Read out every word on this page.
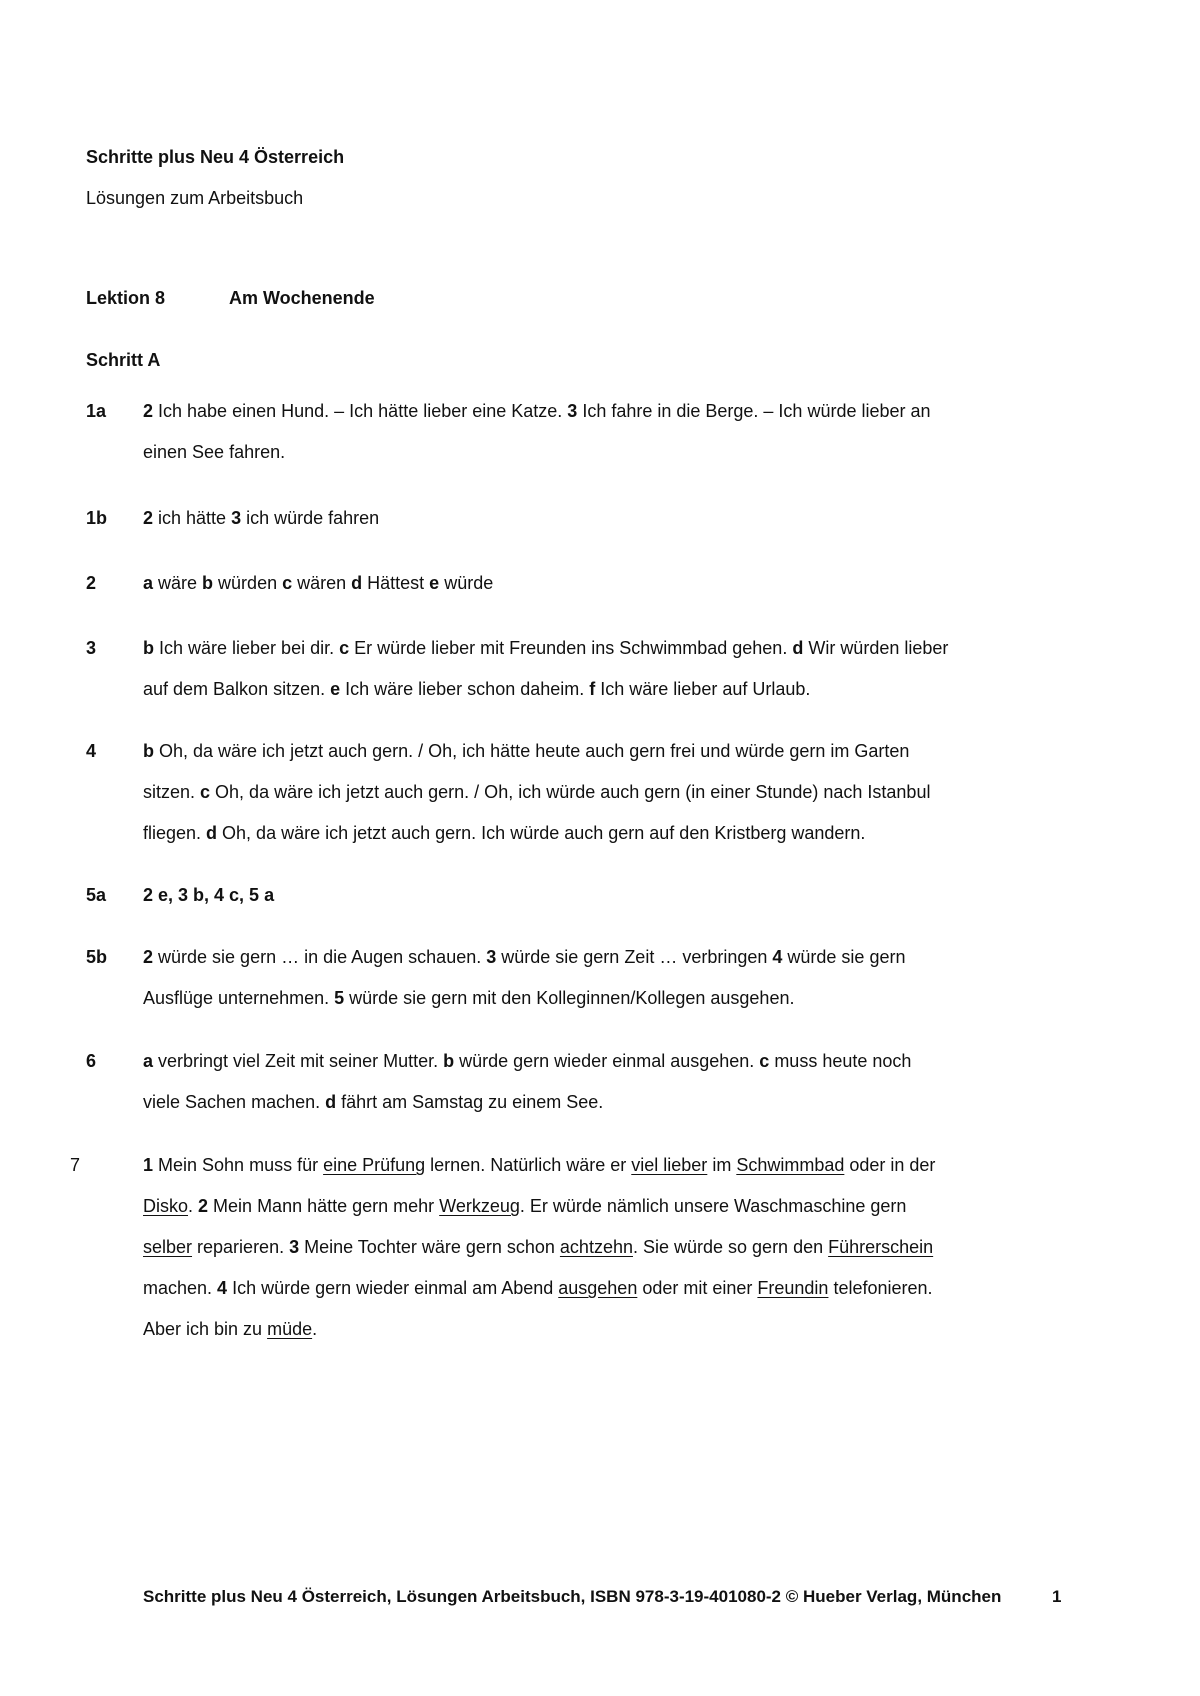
Schritte plus Neu 4 Österreich
Lösungen zum Arbeitsbuch
Lektion 8	Am Wochenende
Schritt A
1a 2 Ich habe einen Hund. – Ich hätte lieber eine Katze. 3 Ich fahre in die Berge. – Ich würde lieber an
einen See fahren.
1b 2 ich hätte 3 ich würde fahren
2	a wäre b würden c wären d Hättest e würde
3	b Ich wäre lieber bei dir. c Er würde lieber mit Freunden ins Schwimmbad gehen. d Wir würden lieber
auf dem Balkon sitzen. e Ich wäre lieber schon daheim. f Ich wäre lieber auf Urlaub.
4	b Oh, da wäre ich jetzt auch gern. / Oh, ich hätte heute auch gern frei und würde gern im Garten
sitzen. c Oh, da wäre ich jetzt auch gern. / Oh, ich würde auch gern (in einer Stunde) nach Istanbul
fliegen. d Oh, da wäre ich jetzt auch gern. Ich würde auch gern auf den Kristberg wandern.
5a 2 e, 3 b, 4 c, 5 a
5b 2 würde sie gern … in die Augen schauen. 3 würde sie gern Zeit … verbringen 4 würde sie gern
Ausflüge unternehmen. 5 würde sie gern mit den Kolleginnen/Kollegen ausgehen.
6	a verbringt viel Zeit mit seiner Mutter. b würde gern wieder einmal ausgehen. c muss heute noch
viele Sachen machen. d fährt am Samstag zu einem See.
7	1 Mein Sohn muss für eine Prüfung lernen. Natürlich wäre er viel lieber im Schwimmbad oder in der
Disko. 2 Mein Mann hätte gern mehr Werkzeug. Er würde nämlich unsere Waschmaschine gern
selber reparieren. 3 Meine Tochter wäre gern schon achtzehn. Sie würde so gern den Führerschein
machen. 4 Ich würde gern wieder einmal am Abend ausgehen oder mit einer Freundin telefonieren.
Aber ich bin zu müde.
Schritte plus Neu 4 Österreich, Lösungen Arbeitsbuch, ISBN 978-3-19-401080-2 © Hueber Verlag, München	1
